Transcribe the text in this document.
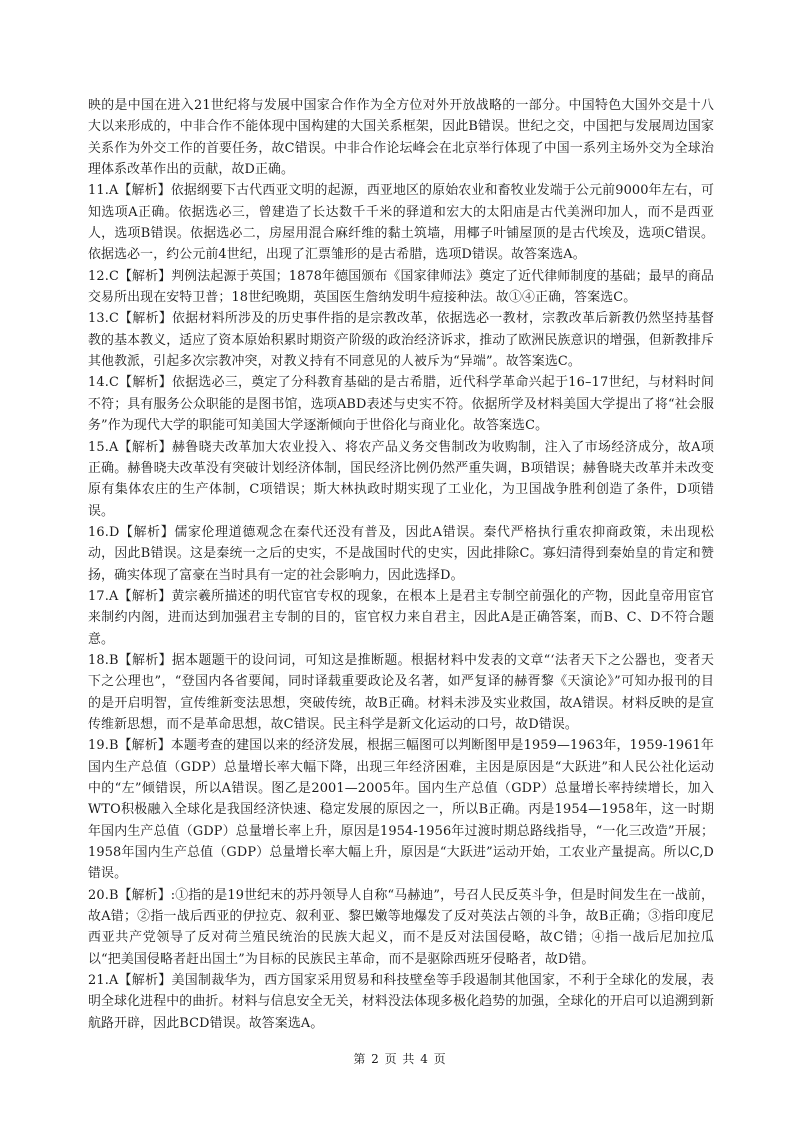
映的是中国在进入21世纪将与发展中国家合作作为全方位对外开放战略的一部分。中国特色大国外交是十八大以来形成的，中非合作不能体现中国构建的大国关系框架，因此B错误。世纪之交，中国把与发展周边国家关系作为外交工作的首要任务，故C错误。中非合作论坛峰会在北京举行体现了中国一系列主场外交为全球治理体系改革作出的贡献，故D正确。

11.A【解析】依据纲要下古代西亚文明的起源，西亚地区的原始农业和畜牧业发端于公元前9000年左右，可知选项A正确。依据选必三，曾建造了长达数千千米的驿道和宏大的太阳庙是古代美洲印加人，而不是西亚人，选项B错误。依据选必二，房屋用混合麻纤维的黏土筑墙，用椰子叶铺屋顶的是古代埃及，选项C错误。依据选必一，约公元前4世纪，出现了汇票雏形的是古希腊，选项D错误。故答案选A。

12.C【解析】判例法起源于英国；1878年德国颁布《国家律师法》奠定了近代律师制度的基础；最早的商品交易所出现在安特卫普；18世纪晚期，英国医生詹纳发明牛痘接种法。故①④正确，答案选C。

13.C【解析】依据材料所涉及的历史事件指的是宗教改革，依据选必一教材，宗教改革后新教仍然坚持基督教的基本教义，适应了资本原始积累时期资产阶级的政治经济诉求，推动了欧洲民族意识的增强，但新教排斥其他教派，引起多次宗教冲突，对教义持有不同意见的人被斥为“异端”。故答案选C。

14.C【解析】依据选必三，奠定了分科教育基础的是古希腊，近代科学革命兴起于16–17世纪，与材料时间不符；具有服务公众职能的是图书馆，选项ABD表述与史实不符。依据所学及材料美国大学提出了将“社会服务”作为现代大学的职能可知美国大学逐渐倾向于世俗化与商业化。故答案选C。

15.A【解析】赫鲁晓夫改革加大农业投入、将农产品义务交售制改为收购制，注入了市场经济成分，故A项正确。赫鲁晓夫改革没有突破计划经济体制，国民经济比例仍然严重失调，B项错误；赫鲁晓夫改革并未改变原有集体农庄的生产体制，C项错误；斯大林执政时期实现了工业化，为卫国战争胜利创造了条件，D项错误。

16.D【解析】儒家伦理道德观念在秦代还没有普及，因此A错误。秦代严格执行重农抑商政策，未出现松动，因此B错误。这是秦统一之后的史实，不是战国时代的史实，因此排除C。寡妇清得到秦始皇的肯定和赞扬，确实体现了富豪在当时具有一定的社会影响力，因此选择D。

17.A【解析】黄宗羲所描述的明代宦官专权的现象，在根本上是君主专制空前强化的产物，因此皇帝用宦官来制约内阁，进而达到加强君主专制的目的，宦官权力来自君主，因此A是正确答案，而B、C、D不符合题意。

18.B【解析】据本题题干的设问词，可知这是推断题。根据材料中发表的文章“‘法者天下之公器也，变者天下之公理也”，“登国内各省要闻，同时译载重要政论及名著，如严复译的赫胥黎《天演论》”可知办报刊的目的是开启明智，宣传维新变法思想，突破传统，故B正确。材料未涉及实业救国，故A错误。材料反映的是宣传维新思想，而不是革命思想，故C错误。民主科学是新文化运动的口号，故D错误。

19.B【解析】本题考查的建国以来的经济发展，根据三幅图可以判断图甲是1959—1963年，1959-1961年国内生产总值（GDP）总量增长率大幅下降，出现三年经济困难，主因是原因是“大跃进”和人民公社化运动中的“左”倾错误，所以A错误。图乙是2001—2005年。国内生产总值（GDP）总量增长率持续增长，加入WTO积极融入全球化是我国经济快速、稳定发展的原因之一，所以B正确。丙是1954—1958年，这一时期年国内生产总值（GDP）总量增长率上升，原因是1954-1956年过渡时期总路线指导，“一化三改造”开展；1958年国内生产总值（GDP）总量增长率大幅上升，原因是“大跃进”运动开始，工农业产量提高。所以C,D错误。

20.B【解析】:①指的是19世纪末的苏丹领导人自称“马赫迪”，号召人民反英斗争，但是时间发生在一战前，故A错；②指一战后西亚的伊拉克、叙利亚、黎巴嫩等地爆发了反对英法占领的斗争，故B正确；③指印度尼西亚共产党领导了反对荷兰殖民统治的民族大起义，而不是反对法国侵略，故C错；④指一战后尼加拉瓜以“把美国侵略者赶出国土”为目标的民族民主革命，而不是驱除西班牙侵略者，故D错。

21.A【解析】美国制裁华为，西方国家采用贸易和科技壁垒等手段遏制其他国家，不利于全球化的发展，表明全球化进程中的曲折。材料与信息安全无关，材料没法体现多极化趋势的加强，全球化的开启可以追溯到新航路开辟，因此BCD错误。故答案选A。

第 2 页 共 4 页
